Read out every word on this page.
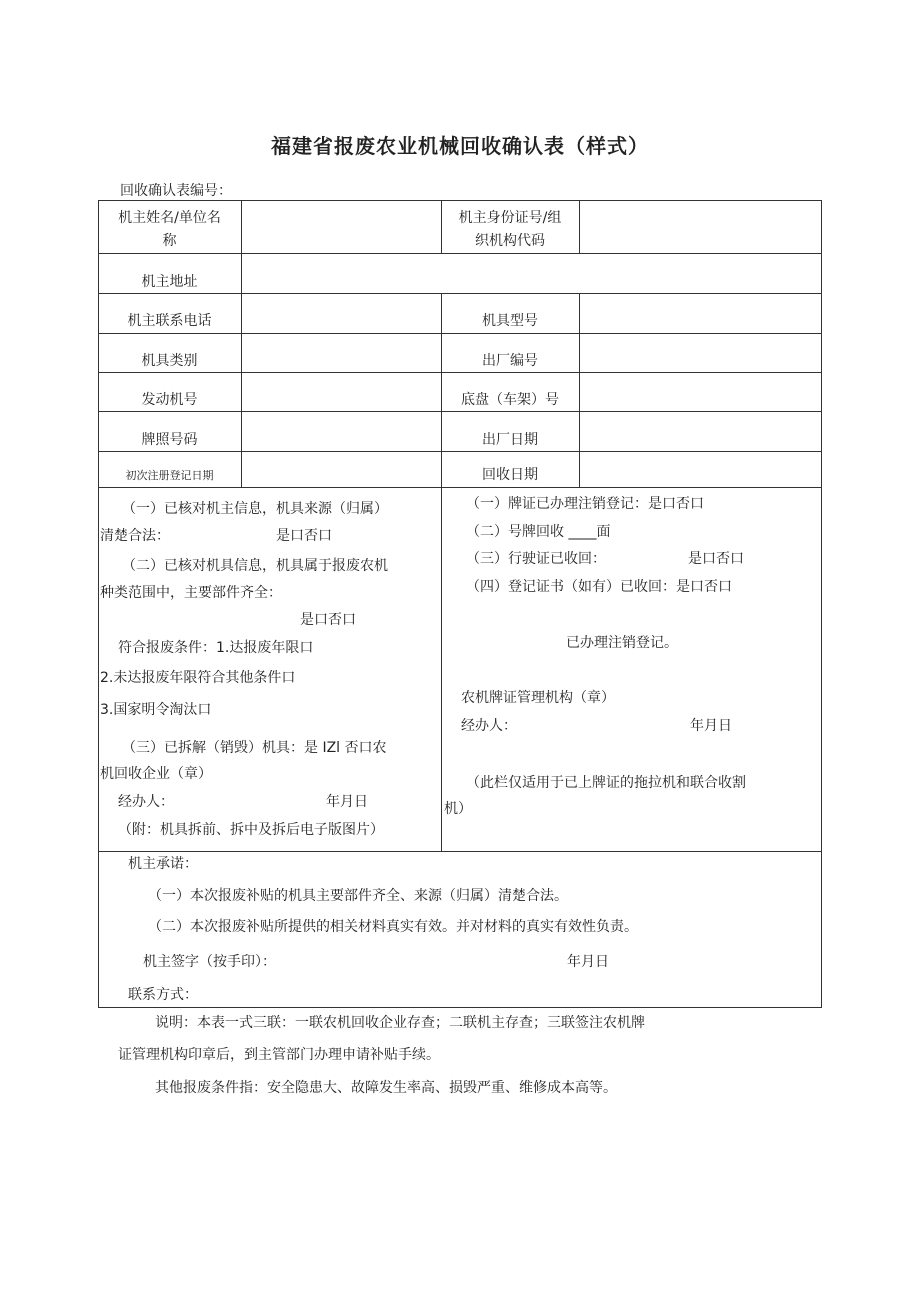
福建省报废农业机械回收确认表（样式）
回收确认表编号：
机主姓名/单位名
称
机主身份证号/组
织机构代码
机主地址
机主联系电话	机具型号
机具类别	出厂编号
发动机号	底盘（车架）号
牌照号码	出厂日期
初次注册登记日期	回收日期
（一）已核对机主信息，机具来源（归属）
清楚合法：	是口否口
（二）已核对机具信息，机具属于报废农机
种类范围中，主要部件齐全：
是口否口
符合报废条件：1.达报废年限口
2.未达报废年限符合其他条件口
3.国家明令淘汰口
（三）已拆解（销毁）机具：是 IZl 否口农
机回收企业（章）
经办人：	年月日
（附：机具拆前、拆中及拆后电子版图片）
（一）牌证已办理注销登记：是口否口
（二）号牌回收 ____面
（三）行驶证已收回：	是口否口
（四）登记证书（如有）已收回：是口否口
已办理注销登记。
农机牌证管理机构（章）
经办人：	年月日
（此栏仅适用于已上牌证的拖拉机和联合收割
机）
机主承诺：
（一）本次报废补贴的机具主要部件齐全、来源（归属）清楚合法。
（二）本次报废补贴所提供的相关材料真实有效。并对材料的真实有效性负责。
机主签字（按手印）：	年月日
联系方式：
说明：本表一式三联：一联农机回收企业存查；二联机主存查；三联签注农机牌
证管理机构印章后，到主管部门办理申请补贴手续。
其他报废条件指：安全隐患大、故障发生率高、损毁严重、维修成本高等。
